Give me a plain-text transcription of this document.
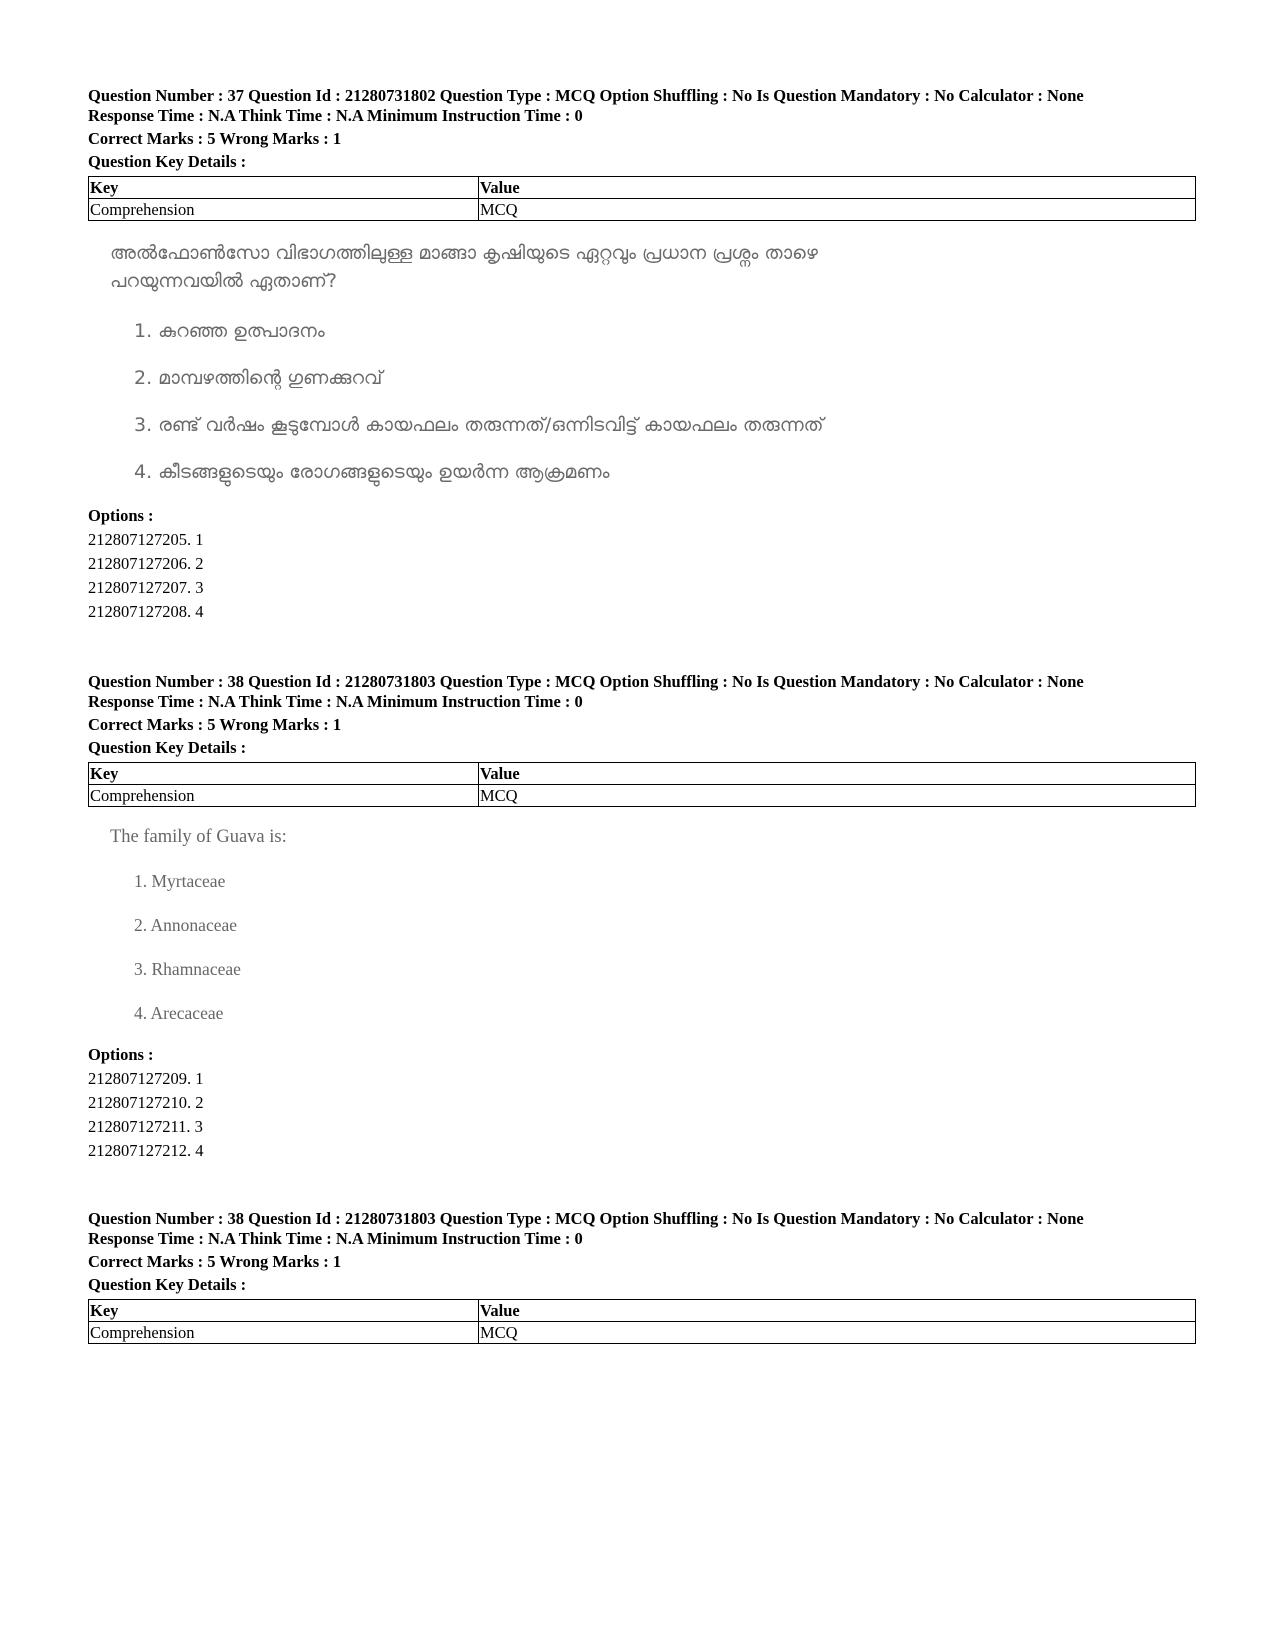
Question Number : 37 Question Id : 21280731802 Question Type : MCQ Option Shuffling : No Is Question Mandatory : No Calculator : None
Response Time : N.A Think Time : N.A Minimum Instruction Time : 0

Correct Marks : 5 Wrong Marks : 1
Question Key Details :
Key	Value
Comprehension	MCQ
അൽഫോൺസോ വിഭാഗത്തിലുള്ള മാങ്ങാ കൃഷിയുടെ ഏറ്റവും പ്രധാന പ്രശ്നം താഴെ പറയുന്നവയിൽ ഏതാണ്?
1. കുറഞ്ഞ ഉത്പാദനം
2. മാമ്പഴത്തിന്റെ ഗുണക്കുറവ്
3. രണ്ട് വർഷം കൂടുമ്പോൾ കായഫലം തരുന്നത്/ഒന്നിടവിട്ട് കായഫലം തരുന്നത്
4. കീടങ്ങളുടെയും രോഗങ്ങളുടെയും ഉയർന്ന ആക്രമണം
Options :
212807127205. 1
212807127206. 2
212807127207. 3
212807127208. 4

Question Number : 38 Question Id : 21280731803 Question Type : MCQ Option Shuffling : No Is Question Mandatory : No Calculator : None
Response Time : N.A Think Time : N.A Minimum Instruction Time : 0

Correct Marks : 5 Wrong Marks : 1
Question Key Details :
Key	Value
Comprehension	MCQ
The family of Guava is:
1. Myrtaceae
2. Annonaceae
3. Rhamnaceae
4. Arecaceae
Options :
212807127209. 1
212807127210. 2
212807127211. 3
212807127212. 4

Question Number : 38 Question Id : 21280731803 Question Type : MCQ Option Shuffling : No Is Question Mandatory : No Calculator : None
Response Time : N.A Think Time : N.A Minimum Instruction Time : 0

Correct Marks : 5 Wrong Marks : 1
Question Key Details :
Key	Value
Comprehension	MCQ
